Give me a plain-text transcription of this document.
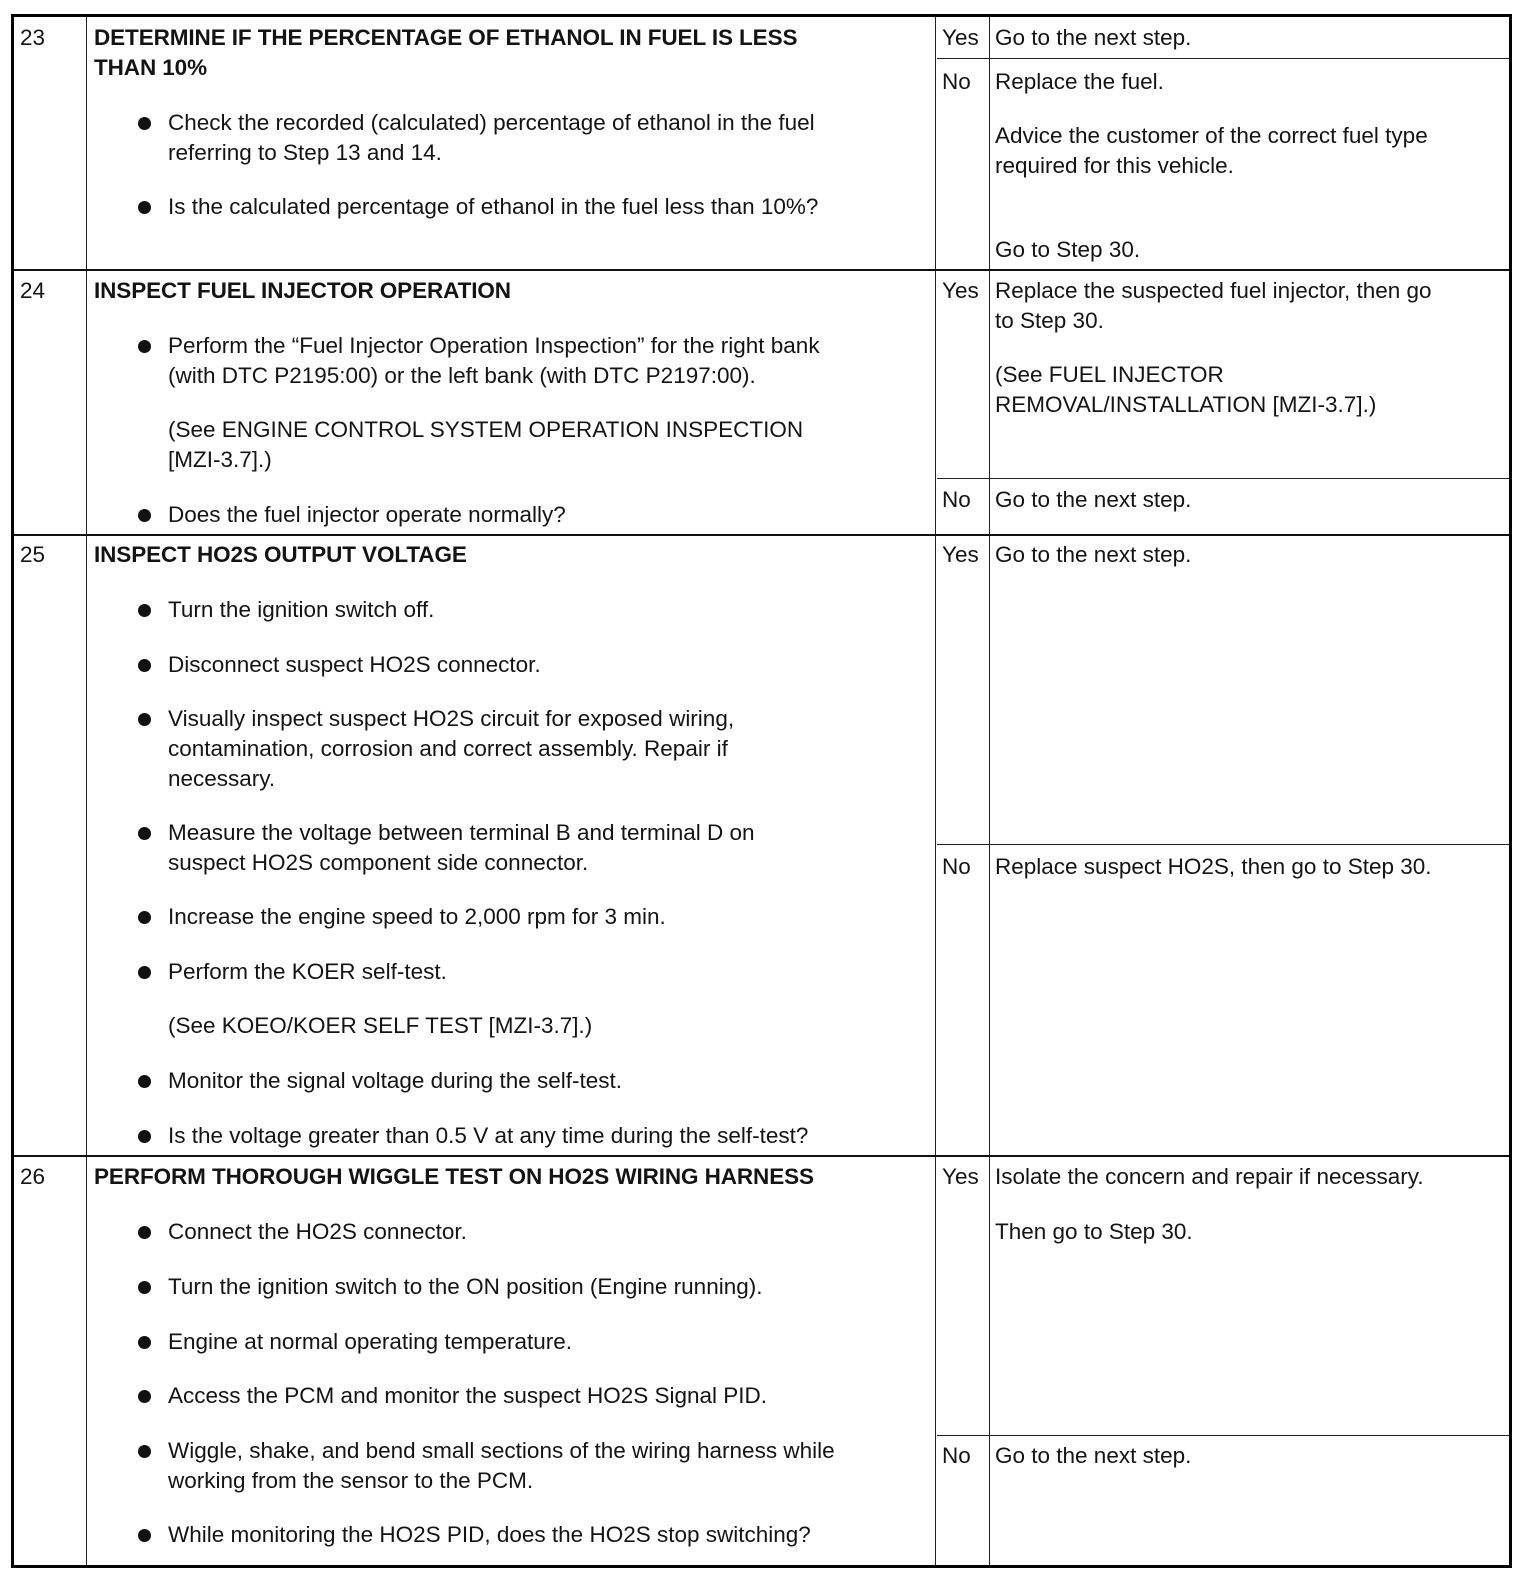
23 DETERMINE IF THE PERCENTAGE OF ETHANOL IN FUEL IS LESS
THAN 10%
Check the recorded (calculated) percentage of ethanol in the fuel
referring to Step 13 and 14.
Is the calculated percentage of ethanol in the fuel less than 10%?
Yes Go to the next step.
No Replace the fuel.
Advice the customer of the correct fuel type
required for this vehicle.
Go to Step 30.
24 INSPECT FUEL INJECTOR OPERATION
Perform the “Fuel Injector Operation Inspection” for the right bank
(with DTC P2195:00) or the left bank (with DTC P2197:00).
(See ENGINE CONTROL SYSTEM OPERATION INSPECTION
[MZI-3.7].)
Does the fuel injector operate normally?
Yes Replace the suspected fuel injector, then go
to Step 30.
(See FUEL INJECTOR
REMOVAL/INSTALLATION [MZI-3.7].)
No Go to the next step.
25 INSPECT HO2S OUTPUT VOLTAGE
Turn the ignition switch off.
Disconnect suspect HO2S connector.
Visually inspect suspect HO2S circuit for exposed wiring,
contamination, corrosion and correct assembly. Repair if
necessary.
Measure the voltage between terminal B and terminal D on
suspect HO2S component side connector.
Increase the engine speed to 2,000 rpm for 3 min.
Perform the KOER self-test.
(See KOEO/KOER SELF TEST [MZI-3.7].)
Monitor the signal voltage during the self-test.
Is the voltage greater than 0.5 V at any time during the self-test?
Yes Go to the next step.
No Replace suspect HO2S, then go to Step 30.
26 PERFORM THOROUGH WIGGLE TEST ON HO2S WIRING HARNESS
Connect the HO2S connector.
Turn the ignition switch to the ON position (Engine running).
Engine at normal operating temperature.
Access the PCM and monitor the suspect HO2S Signal PID.
Wiggle, shake, and bend small sections of the wiring harness while
working from the sensor to the PCM.
While monitoring the HO2S PID, does the HO2S stop switching?
Yes Isolate the concern and repair if necessary.
Then go to Step 30.
No Go to the next step.
